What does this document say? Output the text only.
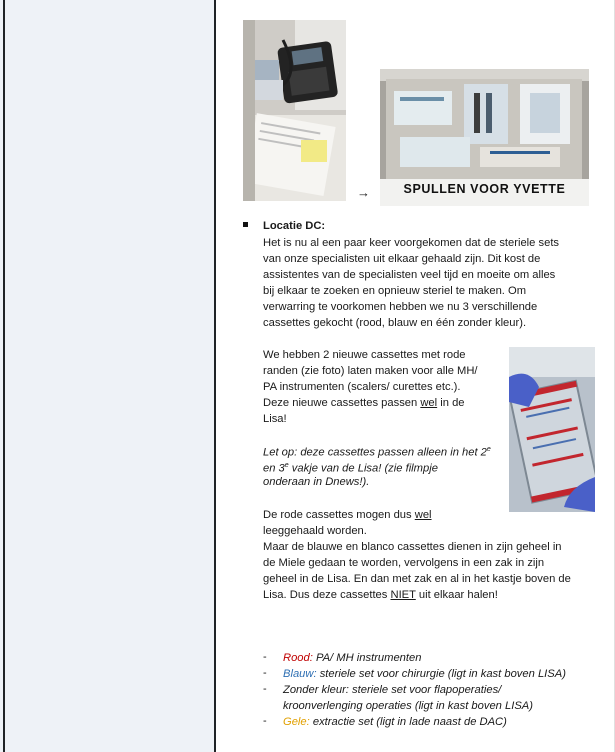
→	SPULLEN VOOR YVETTE
Locatie DC:
Het is nu al een paar keer voorgekomen dat de steriele sets
van onze specialisten uit elkaar gehaald zijn. Dit kost de
assistentes van de specialisten veel tijd en moeite om alles
bij elkaar te zoeken en opnieuw steriel te maken. Om
verwarring te voorkomen hebben we nu 3 verschillende
cassettes gekocht (rood, blauw en één zonder kleur).
We hebben 2 nieuwe cassettes met rode
randen (zie foto) laten maken voor alle MH/
PA instrumenten (scalers/ curettes etc.).
Deze nieuwe cassettes passen wel in de
Lisa!
Let op: deze cassettes passen alleen in het 2e
en 3e vakje van de Lisa! (zie filmpje
onderaan in Dnews!).
De rode cassettes mogen dus wel
leeggehaald worden.
Maar de blauwe en blanco cassettes dienen in zijn geheel in
de Miele gedaan te worden, vervolgens in een zak in zijn
geheel in de Lisa. En dan met zak en al in het kastje boven de
Lisa. Dus deze cassettes NIET uit elkaar halen!
- Rood: PA/ MH instrumenten
- Blauw: steriele set voor chirurgie (ligt in kast boven LISA)
- Zonder kleur: steriele set voor flapoperaties/
kroonverlenging operaties (ligt in kast boven LISA)
- Gele: extractie set (ligt in lade naast de DAC)
